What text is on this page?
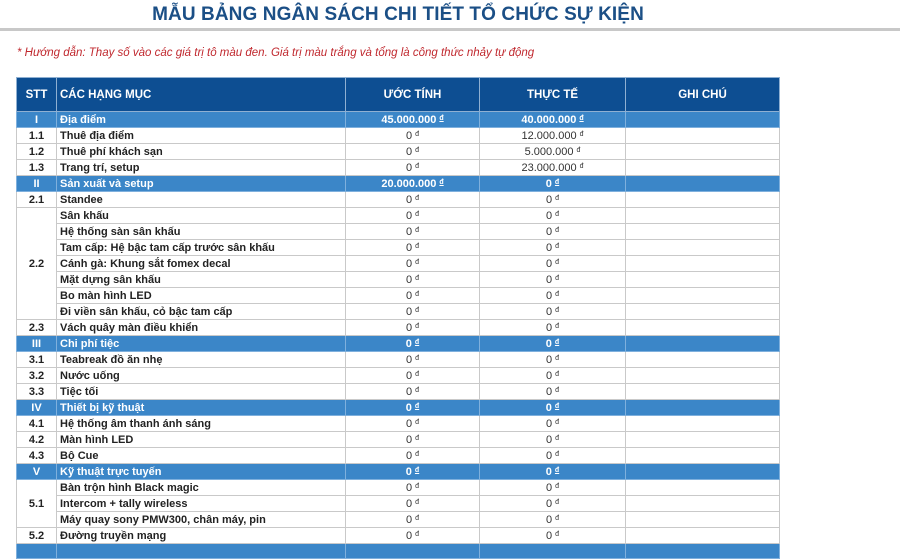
MẪU BẢNG NGÂN SÁCH CHI TIẾT TỔ CHỨC SỰ KIỆN
* Hướng dẫn: Thay số vào các giá trị tô màu đen. Giá trị màu trắng và tổng là công thức nhảy tự động
STT	CÁC HẠNG MỤC	ƯỚC TÍNH	THỰC TẾ	GHI CHÚ
I	Địa điểm	45.000.000 $^đ$	40.000.000 $^đ$	
1.1	Thuê địa điểm	0 $^đ$	12.000.000 $^đ$	
1.2	Thuê phí khách sạn	0 $^đ$	5.000.000 $^đ$	
1.3	Trang trí, setup	0 $^đ$	23.000.000 $^đ$	
II	Sản xuất và setup	20.000.000 $^đ$	0 $^đ$	
2.1	Standee	0 $^đ$	0 $^đ$	
2.2	Sân khấu	0 $^đ$	0 $^đ$	
	Hệ thống sàn sân khấu	0 $^đ$	0 $^đ$	
	Tam cấp: Hệ bậc tam cấp trước sân khấu	0 $^đ$	0 $^đ$	
	Cánh gà: Khung sắt fomex decal	0 $^đ$	0 $^đ$	
	Mặt dựng sân khấu	0 $^đ$	0 $^đ$	
	Bo màn hình LED	0 $^đ$	0 $^đ$	
	Đi viền sân khấu, cỏ bậc tam cấp	0 $^đ$	0 $^đ$	
2.3	Vách quây màn điều khiển	0 $^đ$	0 $^đ$	
III	Chi phí tiệc	0 $^đ$	0 $^đ$	
3.1	Teabreak đồ ăn nhẹ	0 $^đ$	0 $^đ$	
3.2	Nước uống	0 $^đ$	0 $^đ$	
3.3	Tiệc tối	0 $^đ$	0 $^đ$	
IV	Thiết bị kỹ thuật	0 $^đ$	0 $^đ$	
4.1	Hệ thống âm thanh ánh sáng	0 $^đ$	0 $^đ$	
4.2	Màn hình LED	0 $^đ$	0 $^đ$	
4.3	Bộ Cue	0 $^đ$	0 $^đ$	
V	Kỹ thuật trực tuyến	0 $^đ$	0 $^đ$	
5.1	Bàn trộn hình Black magic	0 $^đ$	0 $^đ$	
	Intercom + tally wireless	0 $^đ$	0 $^đ$	
	Máy quay sony PMW300, chân máy, pin	0 $^đ$	0 $^đ$	
5.2	Đường truyền mạng	0 $^đ$	0 $^đ$	
